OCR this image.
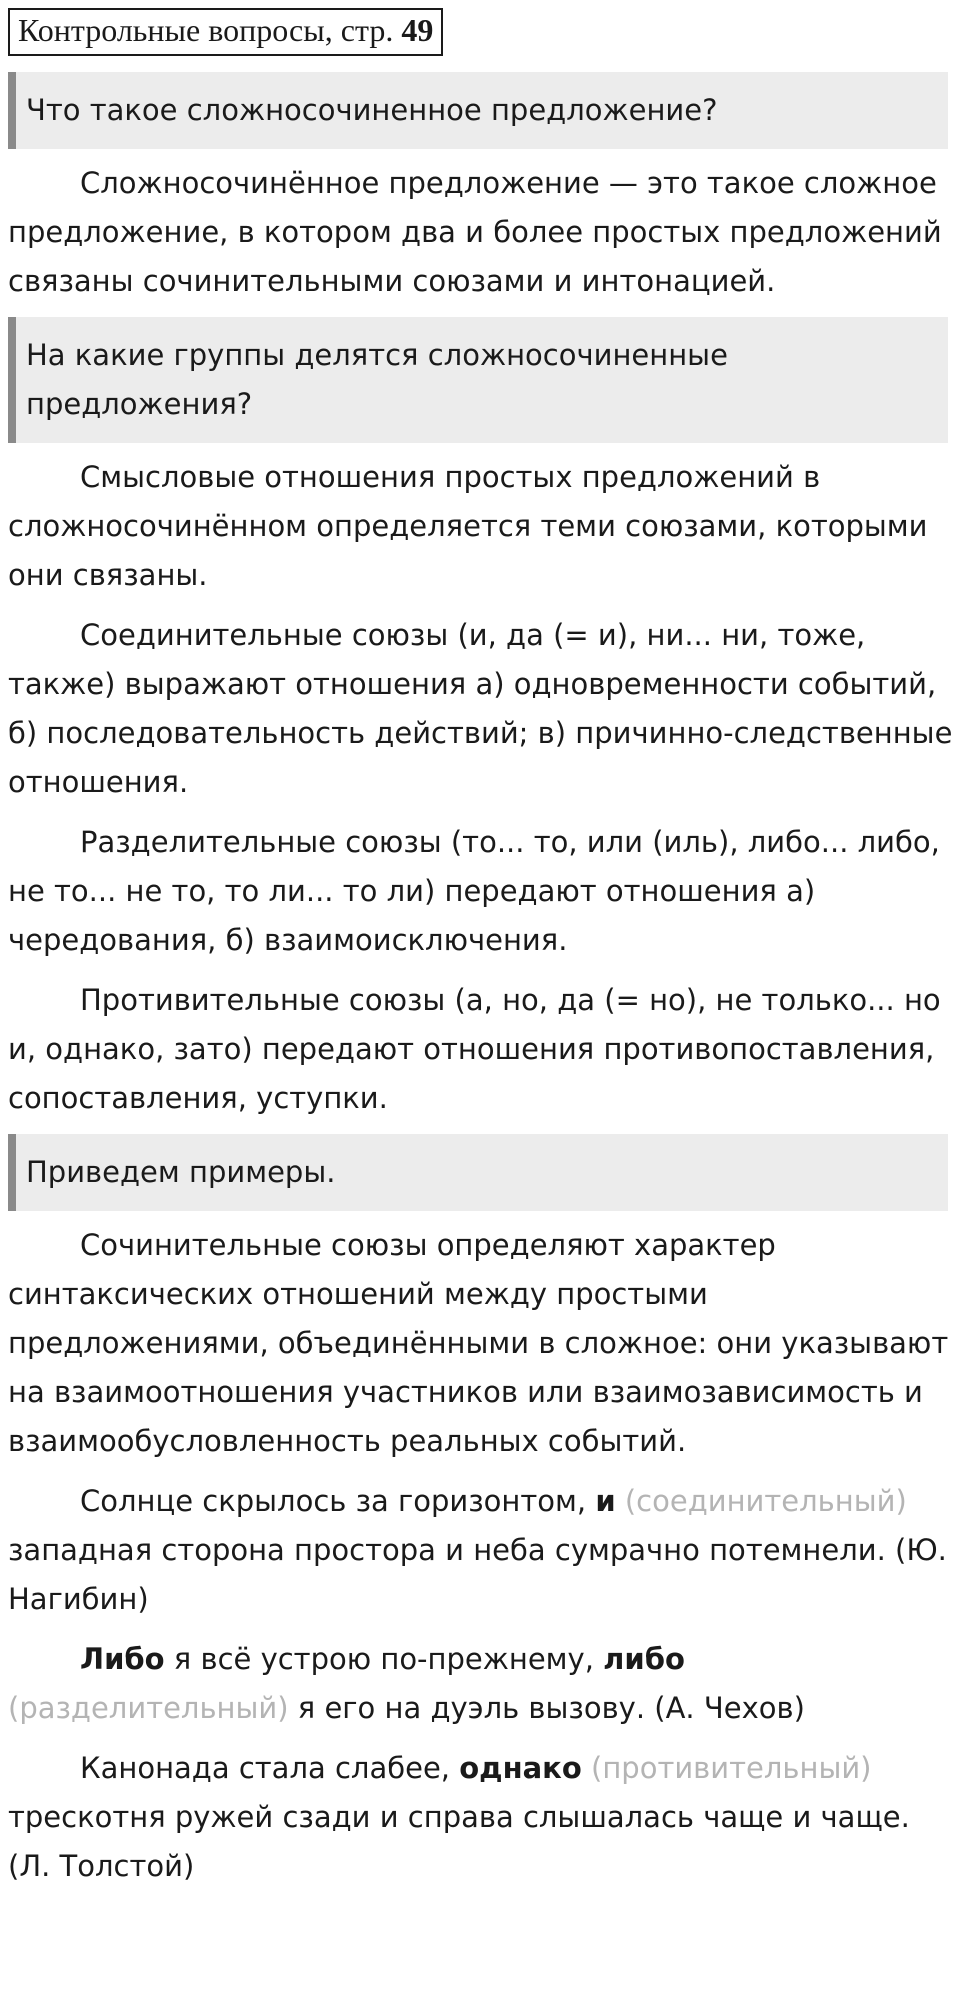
Контрольные вопросы, стр. 49
Что такое сложносочиненное предложение?

Сложносочинённое предложение — это такое сложное предложение, в котором два и более простых предложений связаны сочинительными союзами и интонацией.

На какие группы делятся сложносочиненные предложения?

Смысловые отношения простых предложений в сложносочинённом определяется теми союзами, которыми они связаны.

Соединительные союзы (и, да (= и), ни... ни, тоже, также) выражают отношения а) одновременности событий, б) последовательность действий; в) причинно-следственные отношения.

Разделительные союзы (то... то, или (иль), либо... либо, не то... не то, то ли... то ли) передают отношения а) чередования, б) взаимоисключения.

Противительные союзы (а, но, да (= но), не только... но и, однако, зато) передают отношения противопоставления, сопоставления, уступки.

Приведем примеры.

Сочинительные союзы определяют характер синтаксических отношений между простыми предложениями, объединёнными в сложное: они указывают на взаимоотношения участников или взаимозависимость и взаимообусловленность реальных событий.

Солнце скрылось за горизонтом, и (соединительный) западная сторона простора и неба сумрачно потемнели. (Ю. Нагибин)

Либо я всё устрою по-прежнему, либо (разделительный) я его на дуэль вызову. (А. Чехов)

Канонада стала слабее, однако (противительный) трескотня ружей сзади и справа слышалась чаще и чаще. (Л. Толстой)
